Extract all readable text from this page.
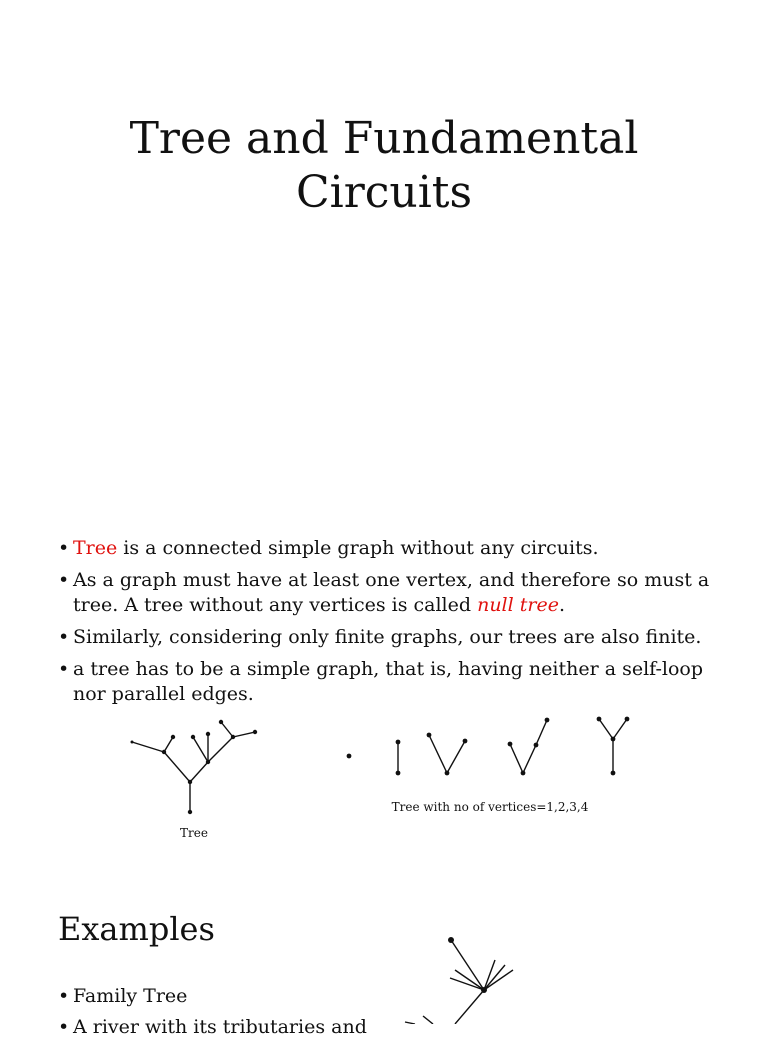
Tree and Fundamental
Circuits
• Tree is a connected simple graph without any circuits.
• As a graph must have at least one vertex, and therefore so must a tree. A tree without any vertices is called null tree.
• Similarly, considering only finite graphs, our trees are also finite.
• a tree has to be a simple graph, that is, having neither a self-loop nor parallel edges.
Tree
Tree with no of vertices=1,2,3,4
Examples
• Family Tree
• A river with its tributaries and
